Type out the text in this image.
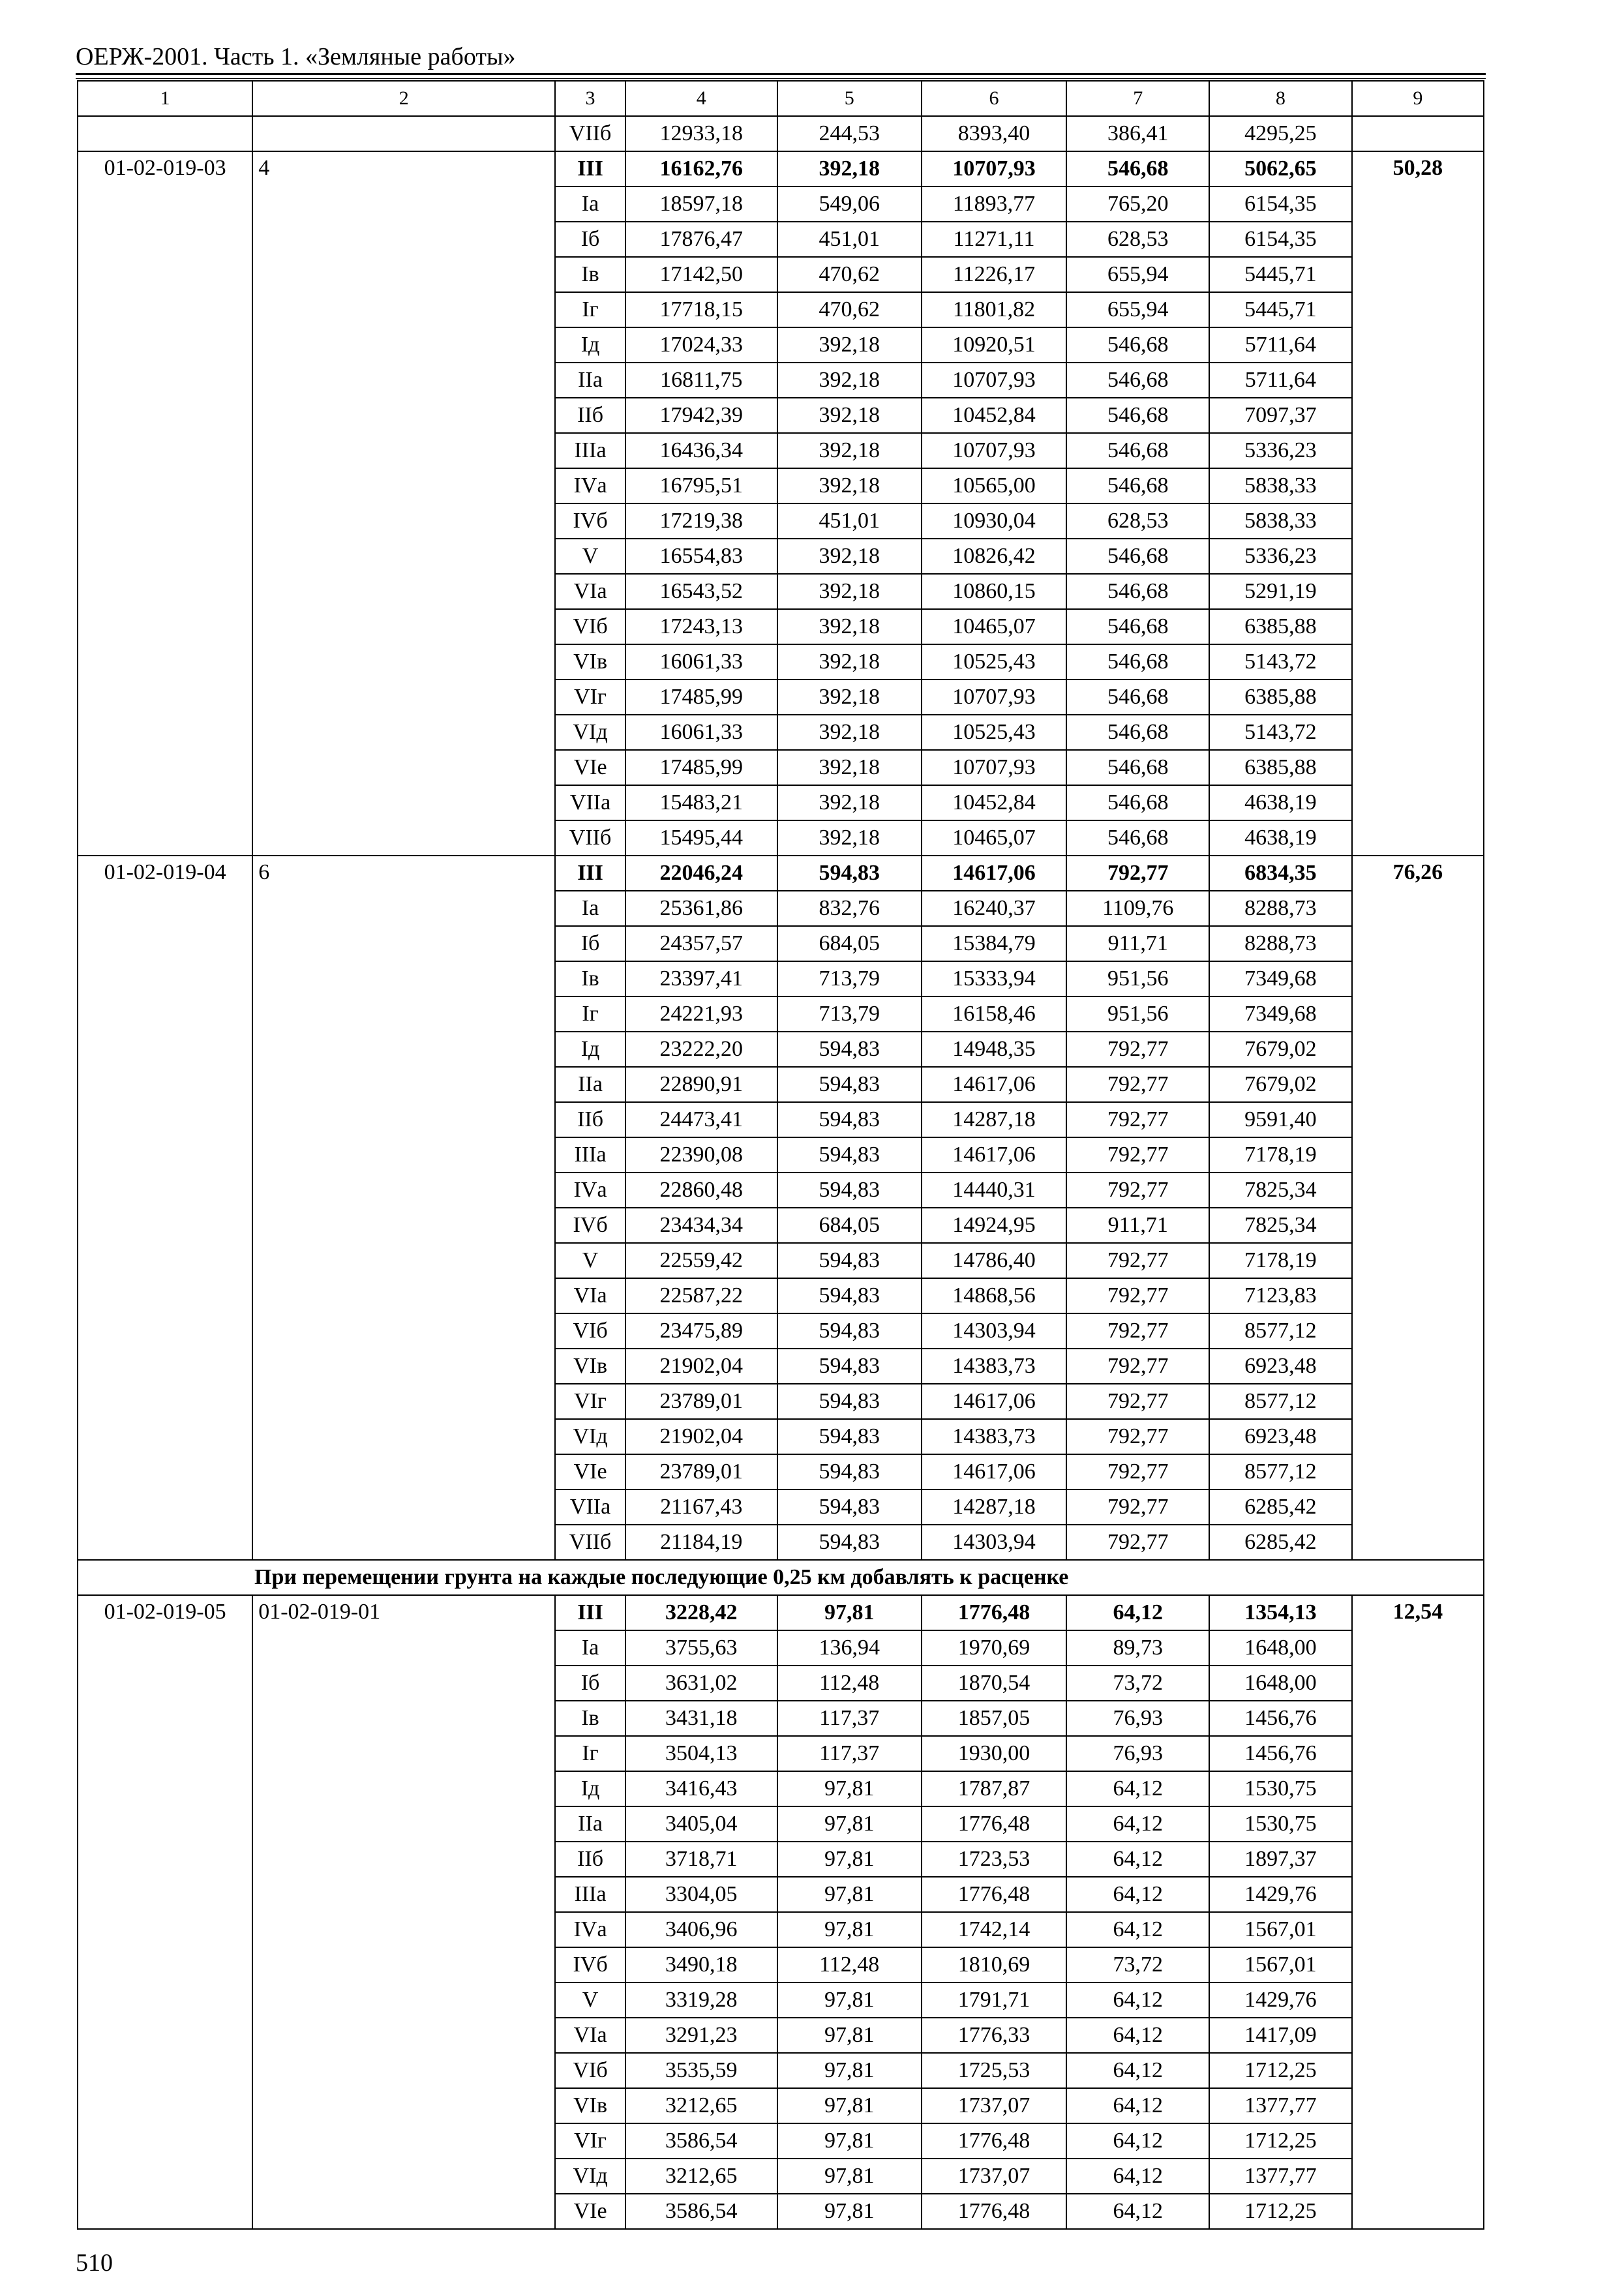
ОЕРЖ-2001. Часть 1. «Земляные работы»
1	2	3	4	5	6	7	8	9
		VIIб	12933,18	244,53	8393,40	386,41	4295,25	
01-02-019-03	4	III	16162,76	392,18	10707,93	546,68	5062,65	50,28
		Iа	18597,18	549,06	11893,77	765,20	6154,35	
		Iб	17876,47	451,01	11271,11	628,53	6154,35	
		Iв	17142,50	470,62	11226,17	655,94	5445,71	
		Iг	17718,15	470,62	11801,82	655,94	5445,71	
		Iд	17024,33	392,18	10920,51	546,68	5711,64	
		IIа	16811,75	392,18	10707,93	546,68	5711,64	
		IIб	17942,39	392,18	10452,84	546,68	7097,37	
		IIIа	16436,34	392,18	10707,93	546,68	5336,23	
		IVа	16795,51	392,18	10565,00	546,68	5838,33	
		IVб	17219,38	451,01	10930,04	628,53	5838,33	
		V	16554,83	392,18	10826,42	546,68	5336,23	
		VIа	16543,52	392,18	10860,15	546,68	5291,19	
		VIб	17243,13	392,18	10465,07	546,68	6385,88	
		VIв	16061,33	392,18	10525,43	546,68	5143,72	
		VIг	17485,99	392,18	10707,93	546,68	6385,88	
		VIд	16061,33	392,18	10525,43	546,68	5143,72	
		VIе	17485,99	392,18	10707,93	546,68	6385,88	
		VIIа	15483,21	392,18	10452,84	546,68	4638,19	
		VIIб	15495,44	392,18	10465,07	546,68	4638,19	
01-02-019-04	6	III	22046,24	594,83	14617,06	792,77	6834,35	76,26
		Iа	25361,86	832,76	16240,37	1109,76	8288,73	
		Iб	24357,57	684,05	15384,79	911,71	8288,73	
		Iв	23397,41	713,79	15333,94	951,56	7349,68	
		Iг	24221,93	713,79	16158,46	951,56	7349,68	
		Iд	23222,20	594,83	14948,35	792,77	7679,02	
		IIа	22890,91	594,83	14617,06	792,77	7679,02	
		IIб	24473,41	594,83	14287,18	792,77	9591,40	
		IIIа	22390,08	594,83	14617,06	792,77	7178,19	
		IVа	22860,48	594,83	14440,31	792,77	7825,34	
		IVб	23434,34	684,05	14924,95	911,71	7825,34	
		V	22559,42	594,83	14786,40	792,77	7178,19	
		VIа	22587,22	594,83	14868,56	792,77	7123,83	
		VIб	23475,89	594,83	14303,94	792,77	8577,12	
		VIв	21902,04	594,83	14383,73	792,77	6923,48	
		VIг	23789,01	594,83	14617,06	792,77	8577,12	
		VIд	21902,04	594,83	14383,73	792,77	6923,48	
		VIе	23789,01	594,83	14617,06	792,77	8577,12	
		VIIа	21167,43	594,83	14287,18	792,77	6285,42	
		VIIб	21184,19	594,83	14303,94	792,77	6285,42	
При перемещении грунта на каждые последующие 0,25 км добавлять к расценке								
01-02-019-05	01-02-019-01	III	3228,42	97,81	1776,48	64,12	1354,13	12,54
		Iа	3755,63	136,94	1970,69	89,73	1648,00	
		Iб	3631,02	112,48	1870,54	73,72	1648,00	
		Iв	3431,18	117,37	1857,05	76,93	1456,76	
		Iг	3504,13	117,37	1930,00	76,93	1456,76	
		Iд	3416,43	97,81	1787,87	64,12	1530,75	
		IIа	3405,04	97,81	1776,48	64,12	1530,75	
		IIб	3718,71	97,81	1723,53	64,12	1897,37	
		IIIа	3304,05	97,81	1776,48	64,12	1429,76	
		IVа	3406,96	97,81	1742,14	64,12	1567,01	
		IVб	3490,18	112,48	1810,69	73,72	1567,01	
		V	3319,28	97,81	1791,71	64,12	1429,76	
		VIа	3291,23	97,81	1776,33	64,12	1417,09	
		VIб	3535,59	97,81	1725,53	64,12	1712,25	
		VIв	3212,65	97,81	1737,07	64,12	1377,77	
		VIг	3586,54	97,81	1776,48	64,12	1712,25	
		VIд	3212,65	97,81	1737,07	64,12	1377,77	
		VIе	3586,54	97,81	1776,48	64,12	1712,25	
510
